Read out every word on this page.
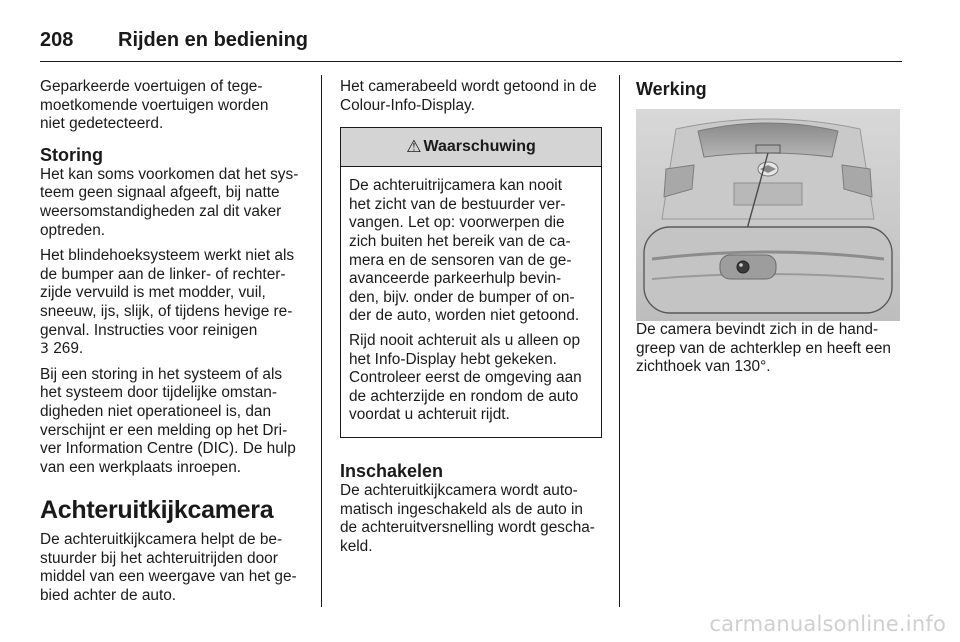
208 Rijden en bediening

Geparkeerde voertuigen of tege-
moetkomende voertuigen worden
niet gedetecteerd.

Storing

Het kan soms voorkomen dat het sys-
teem geen signaal afgeeft, bij natte
weersomstandigheden zal dit vaker
optreden.

Het blindehoeksysteem werkt niet als
de bumper aan de linker- of rechter-
zijde vervuild is met modder, vuil,
sneeuw, ijs, slijk, of tijdens hevige re-
genval. Instructies voor reinigen
3 269.

Bij een storing in het systeem of als
het systeem door tijdelijke omstan-
digheden niet operationeel is, dan
verschijnt er een melding op het Dri-
ver Information Centre (DIC). De hulp
van een werkplaats inroepen.

Achteruitkijkcamera

De achteruitkijkcamera helpt de be-
stuurder bij het achteruitrijden door
middel van een weergave van het ge-
bied achter de auto.

Het camerabeeld wordt getoond in de
Colour-Info-Display.

⚠ Waarschuwing

De achteruitrijcamera kan nooit
het zicht van de bestuurder ver-
vangen. Let op: voorwerpen die
zich buiten het bereik van de ca-
mera en de sensoren van de ge-
avanceerde parkeerhulp bevin-
den, bijv. onder de bumper of on-
der de auto, worden niet getoond.

Rijd nooit achteruit als u alleen op
het Info-Display hebt gekeken.
Controleer eerst de omgeving aan
de achterzijde en rondom de auto
voordat u achteruit rijdt.

Inschakelen

De achteruitkijkcamera wordt auto-
matisch ingeschakeld als de auto in
de achteruitversnelling wordt gescha-
keld.

Werking

De camera bevindt zich in de hand-
greep van de achterklep en heeft een
zichthoek van 130°.

carmanualsonline.info
